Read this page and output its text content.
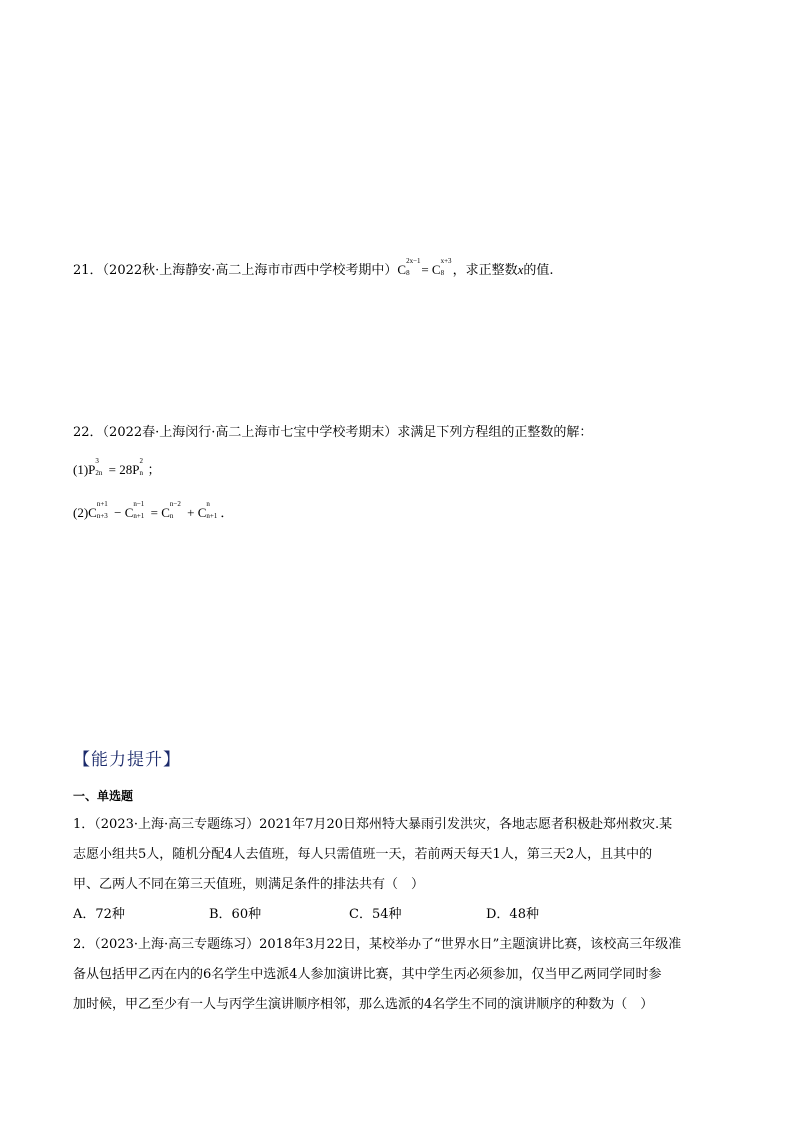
21．（2022秋·上海静安·高二上海市市西中学校考期中）C
2x−1
8 = C
x+3
8 ，求正整数x的值.
22．（2022春·上海闵行·高二上海市七宝中学校考期末）求满足下列方程组的正整数的解：
(1)P
3
2n = 28P
2
n ；
(2)C
n+1
n+3 − C
n−1
n+1 = C
n−2
n + C
n
n+1 ．
【能力提升】
一、单选题
1．（2023·上海·高三专题练习）2021年7月20日郑州特大暴雨引发洪灾，各地志愿者积极赴郑州救灾.某
志愿小组共5人，随机分配4人去值班，每人只需值班一天，若前两天每天1人，第三天2人，且其中的
甲、乙两人不同在第三天值班，则满足条件的排法共有（　）
A．72种	B．60种	C．54种	D．48种
2．（2023·上海·高三专题练习）2018年3月22日，某校举办了“世界水日”主题演讲比赛，该校高三年级准
备从包括甲乙丙在内的6名学生中选派4人参加演讲比赛，其中学生丙必须参加，仅当甲乙两同学同时参
加时候，甲乙至少有一人与丙学生演讲顺序相邻，那么选派的4名学生不同的演讲顺序的种数为（　）
